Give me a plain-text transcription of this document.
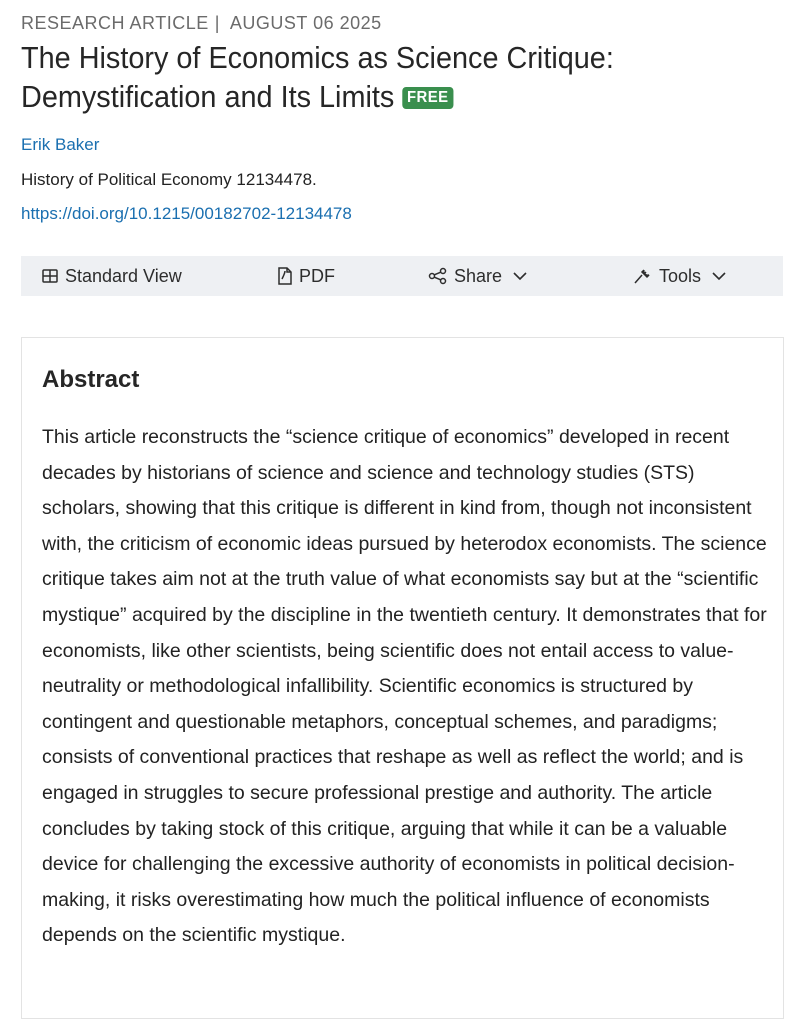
RESEARCH ARTICLE | AUGUST 06 2025
The History of Economics as Science Critique: Demystification and Its Limits FREE
Erik Baker
History of Political Economy 12134478.
https://doi.org/10.1215/00182702-12134478
Standard View	PDF	Share	Tools
Abstract

This article reconstructs the “science critique of economics” developed in recent decades by historians of science and science and technology studies (STS) scholars, showing that this critique is different in kind from, though not inconsistent with, the criticism of economic ideas pursued by heterodox economists. The science critique takes aim not at the truth value of what economists say but at the “scientific mystique” acquired by the discipline in the twentieth century. It demonstrates that for economists, like other scientists, being scientific does not entail access to value-neutrality or methodological infallibility. Scientific economics is structured by contingent and questionable metaphors, conceptual schemes, and paradigms; consists of conventional practices that reshape as well as reflect the world; and is engaged in struggles to secure professional prestige and authority. The article concludes by taking stock of this critique, arguing that while it can be a valuable device for challenging the excessive authority of economists in political decision-making, it risks overestimating how much the political influence of economists depends on the scientific mystique.
